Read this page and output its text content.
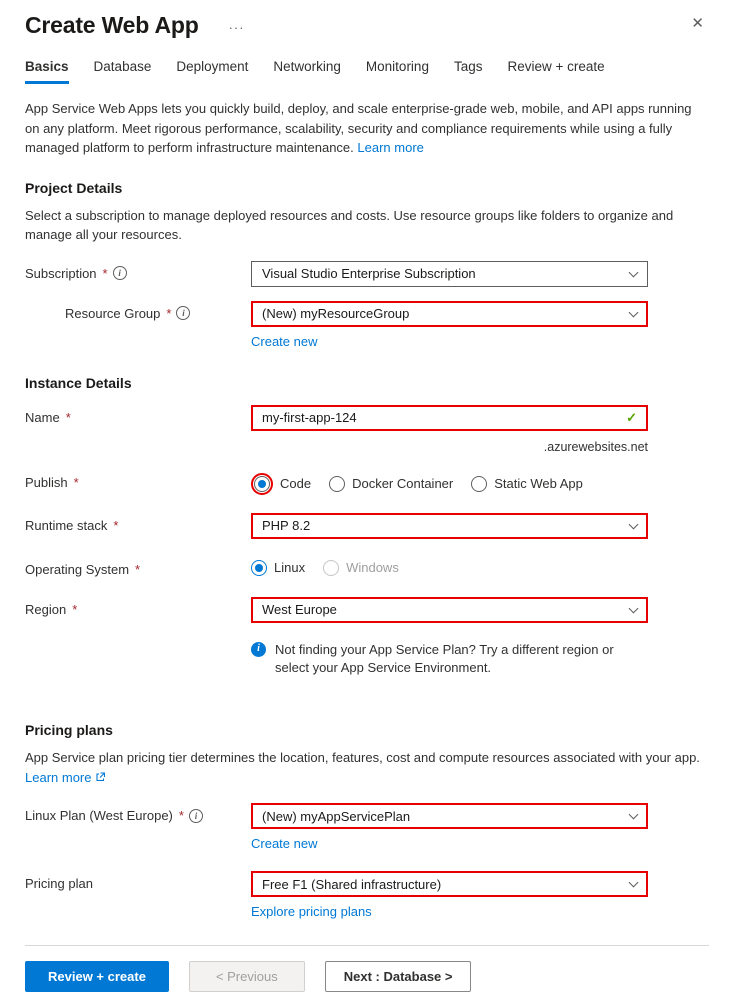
Create Web App ···	✕
Basics Database Deployment Networking Monitoring Tags Review + create
App Service Web Apps lets you quickly build, deploy, and scale enterprise-grade web, mobile, and API apps running on any platform. Meet rigorous performance, scalability, security and compliance requirements while using a fully managed platform to perform infrastructure maintenance. Learn more
Project Details
Select a subscription to manage deployed resources and costs. Use resource groups like folders to organize and manage all your resources.
Subscription *	i	Visual Studio Enterprise Subscription
Resource Group *	i	(New) myResourceGroup
Create new
Instance Details
Name *
my-first-app-124	✓
.azurewebsites.net
Publish *	Code	Docker Container	Static Web App
Runtime stack *	PHP 8.2
Operating System *	Linux	Windows
Region *	West Europe
i	Not finding your App Service Plan? Try a different region or select your App Service Environment.
Pricing plans
App Service plan pricing tier determines the location, features, cost and compute resources associated with your app.
Learn more
Linux Plan (West Europe) *	i	(New) myAppServicePlan
Create new
Pricing plan	Free F1 (Shared infrastructure)
Explore pricing plans
Review + create	< Previous	Next : Database >
